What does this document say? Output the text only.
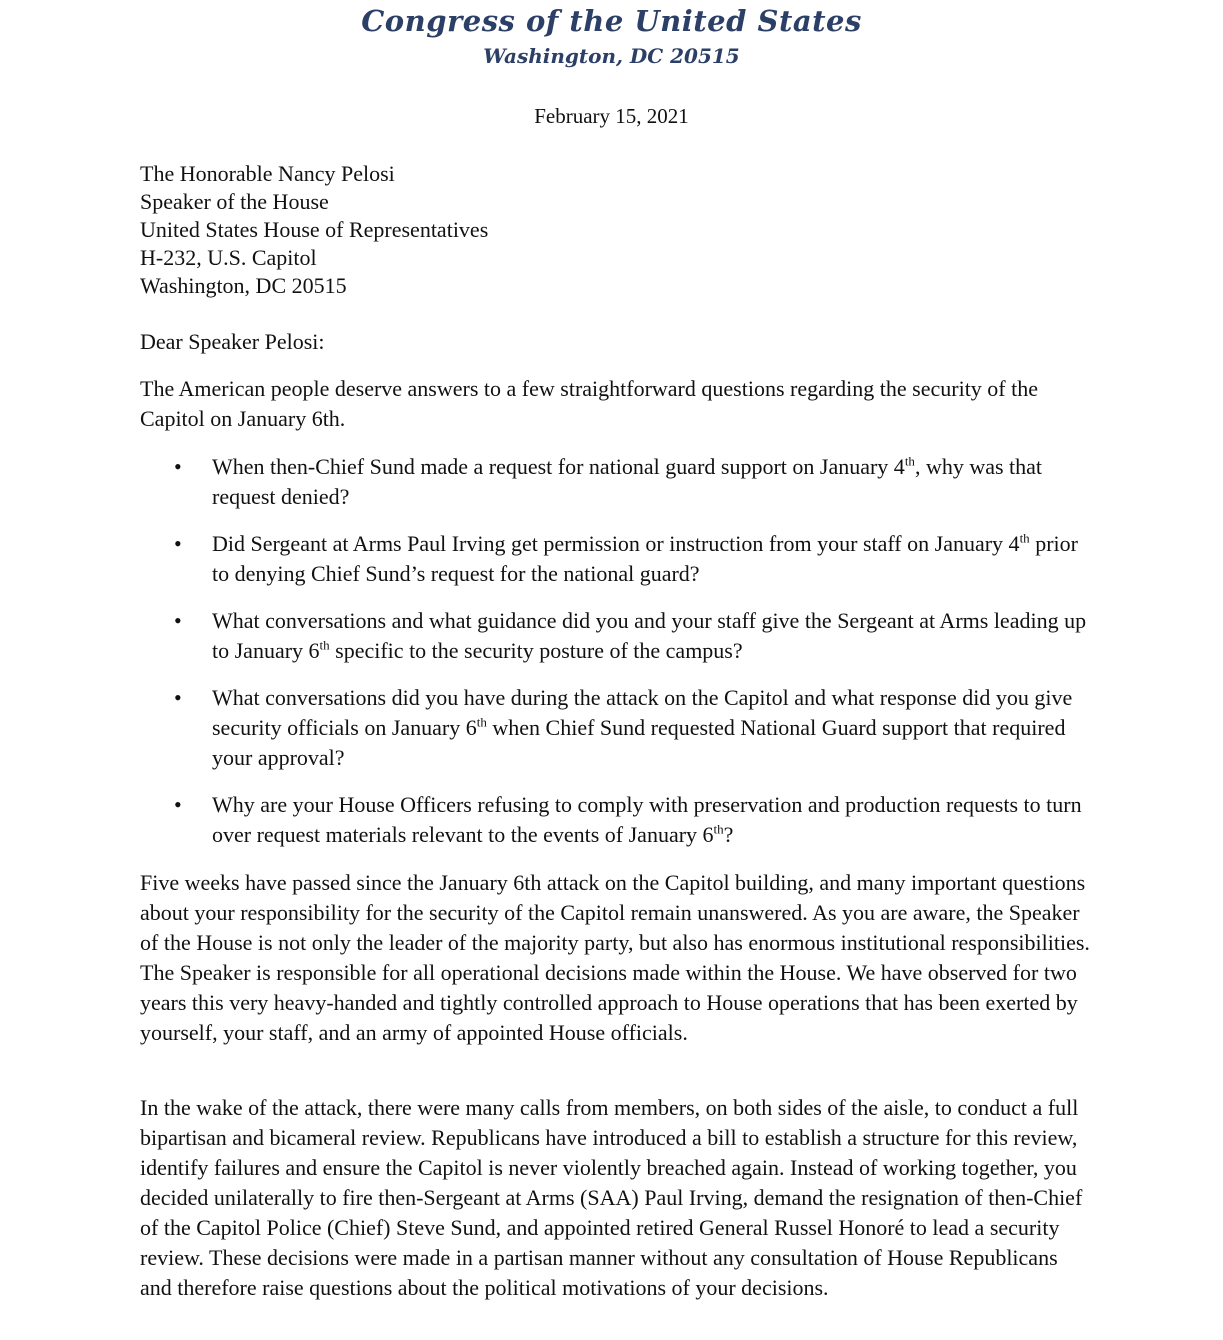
Congress of the United States
Washington, DC 20515
February 15, 2021
The Honorable Nancy Pelosi
Speaker of the House
United States House of Representatives
H-232, U.S. Capitol
Washington, DC 20515
Dear Speaker Pelosi:
The American people deserve answers to a few straightforward questions regarding the security of the Capitol on January 6th.
• When then-Chief Sund made a request for national guard support on January 4th, why was that request denied?
• Did Sergeant at Arms Paul Irving get permission or instruction from your staff on January 4th prior to denying Chief Sund’s request for the national guard?
• What conversations and what guidance did you and your staff give the Sergeant at Arms leading up to January 6th specific to the security posture of the campus?
• What conversations did you have during the attack on the Capitol and what response did you give security officials on January 6th when Chief Sund requested National Guard support that required your approval?
• Why are your House Officers refusing to comply with preservation and production requests to turn over request materials relevant to the events of January 6th?
Five weeks have passed since the January 6th attack on the Capitol building, and many important questions about your responsibility for the security of the Capitol remain unanswered. As you are aware, the Speaker of the House is not only the leader of the majority party, but also has enormous institutional responsibilities. The Speaker is responsible for all operational decisions made within the House. We have observed for two years this very heavy-handed and tightly controlled approach to House operations that has been exerted by yourself, your staff, and an army of appointed House officials.
In the wake of the attack, there were many calls from members, on both sides of the aisle, to conduct a full bipartisan and bicameral review. Republicans have introduced a bill to establish a structure for this review, identify failures and ensure the Capitol is never violently breached again. Instead of working together, you decided unilaterally to fire then-Sergeant at Arms (SAA) Paul Irving, demand the resignation of then-Chief of the Capitol Police (Chief) Steve Sund, and appointed retired General Russel Honoré to lead a security review. These decisions were made in a partisan manner without any consultation of House Republicans and therefore raise questions about the political motivations of your decisions.
